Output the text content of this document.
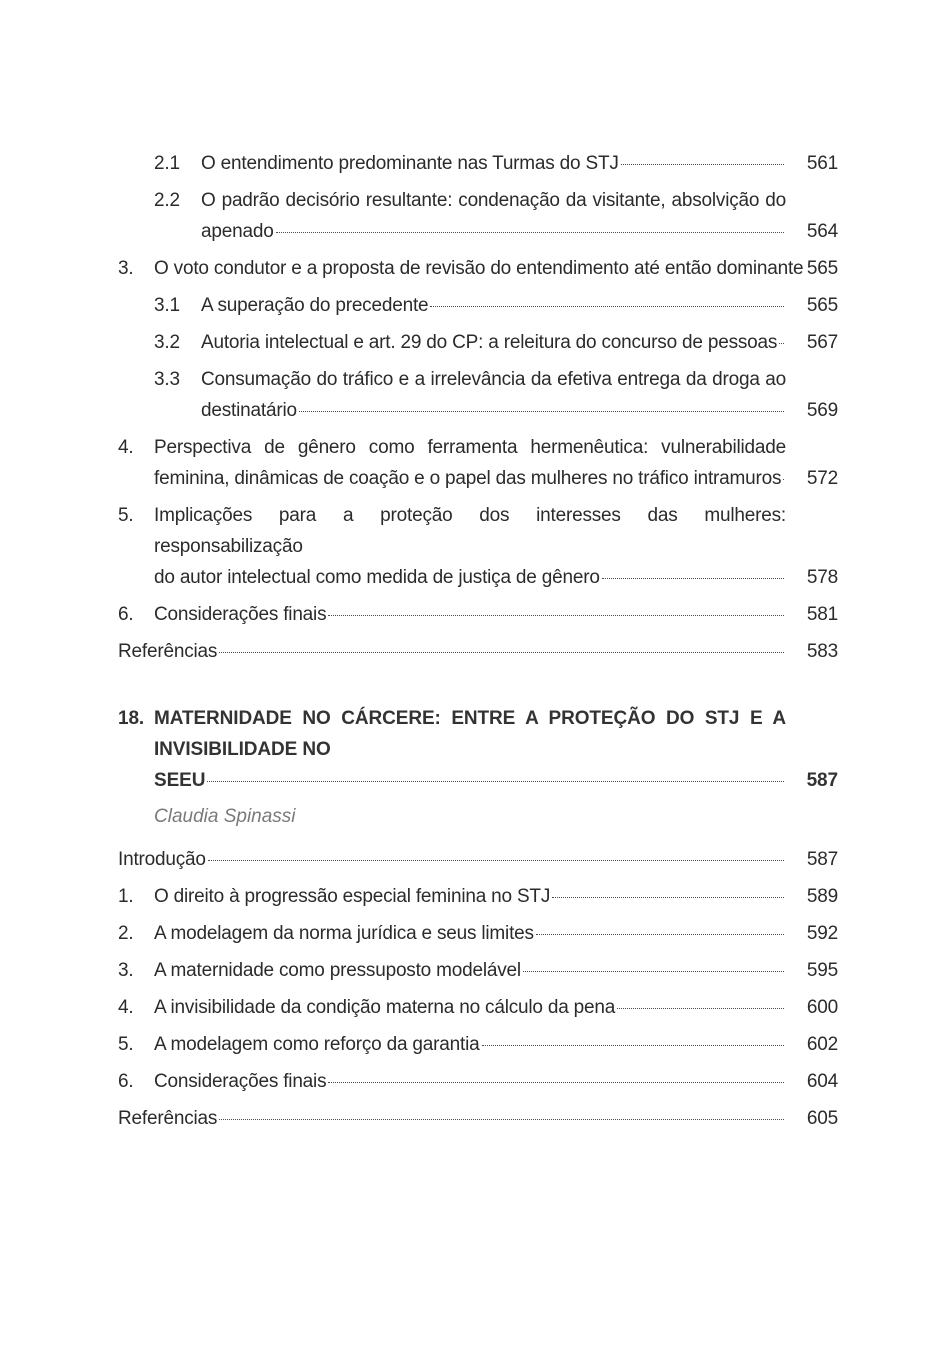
2.1 O entendimento predominante nas Turmas do STJ	561
2.2 O padrão decisório resultante: condenação da visitante, absolvição do
apenado	564
3. O voto condutor e a proposta de revisão do entendimento até então dominante 565
3.1 A superação do precedente	565
3.2 Autoria intelectual e art. 29 do CP: a releitura do concurso de pessoas	567
3.3 Consumação do tráfico e a irrelevância da efetiva entrega da droga ao
destinatário	569
4. Perspectiva de gênero como ferramenta hermenêutica: vulnerabilidade
feminina, dinâmicas de coação e o papel das mulheres no tráfico intramuros	572
5. Implicações para a proteção dos interesses das mulheres: responsabilização
do autor intelectual como medida de justiça de gênero	578
6. Considerações finais	581
Referências	583
18. MATERNIDADE NO CÁRCERE: ENTRE A PROTEÇÃO DO STJ E A INVISIBILIDADE NO
SEEU	587
Claudia Spinassi
Introdução	587
1. O direito à progressão especial feminina no STJ	589
2. A modelagem da norma jurídica e seus limites	592
3. A maternidade como pressuposto modelável	595
4. A invisibilidade da condição materna no cálculo da pena	600
5. A modelagem como reforço da garantia	602
6. Considerações finais	604
Referências	605
